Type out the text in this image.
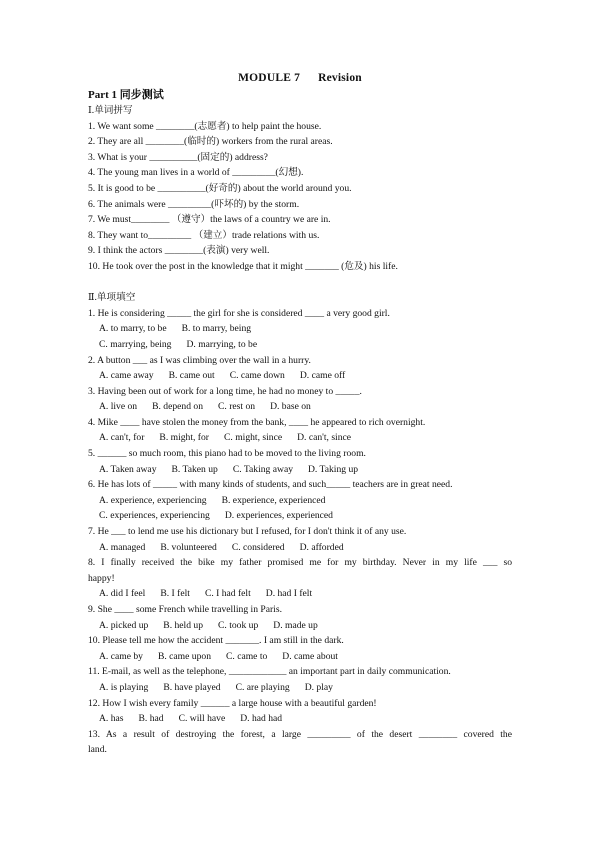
MODULE 7 Revision
Part 1 同步测试
Ⅰ.单词拼写
1. We want some ________(志愿者) to help paint the house.
2. They are all ________(临时的) workers from the rural areas.
3. What is your __________(固定的) address?
4. The young man lives in a world of _________(幻想).
5. It is good to be __________(好奇的) about the world around you.
6. The animals were _________(吓坏的) by the storm.
7. We must________ （遵守）the laws of a country we are in.
8. They want to_________ （建立）trade relations with us.
9. I think the actors ________(表演) very well.
10. He took over the post in the knowledge that it might _______ (危及) his life.
Ⅱ.单项填空
1. He is considering _____ the girl for she is considered ____ a very good girl.
A. to marry, to be B. to marry, being
C. marrying, being D. marrying, to be
2. A button ___ as I was climbing over the wall in a hurry.
A. came away B. came out C. came down D. came off
3. Having been out of work for a long time, he had no money to _____.
A. live on B. depend on C. rest on D. base on
4. Mike ____ have stolen the money from the bank, ____ he appeared to rich overnight.
A. can't, for B. might, for C. might, since D. can't, since
5. ______ so much room, this piano had to be moved to the living room.
A. Taken away B. Taken up C. Taking away D. Taking up
6. He has lots of _____ with many kinds of students, and such_____ teachers are in great need.
A. experience, experiencing B. experience, experienced
C. experiences, experiencing D. experiences, experienced
7. He ___ to lend me use his dictionary but I refused, for I don't think it of any use.
A. managed B. volunteered C. considered D. afforded
8. I finally received the bike my father promised me for my birthday. Never in my life ___ so
happy!
A. did I feel B. I felt C. I had felt D. had I felt
9. She ____ some French while travelling in Paris.
A. picked up B. held up C. took up D. made up
10. Please tell me how the accident _______. I am still in the dark.
A. came by B. came upon C. came to D. came about
11. E-mail, as well as the telephone, ____________ an important part in daily communication.
A. is playing B. have played C. are playing D. play
12. How I wish every family ______ a large house with a beautiful garden!
A. has B. had C. will have D. had had
13. As a result of destroying the forest, a large _________ of the desert ________ covered the
land.
